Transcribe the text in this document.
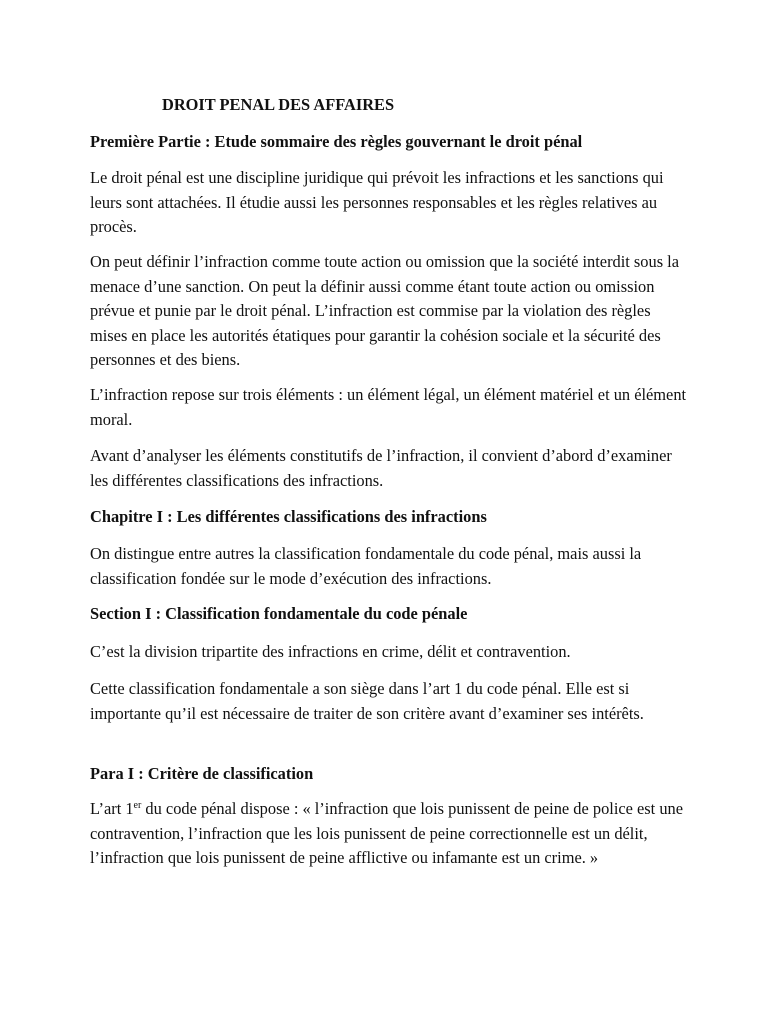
DROIT PENAL DES AFFAIRES

Première Partie : Etude sommaire des règles gouvernant le droit pénal

Le droit pénal est une discipline juridique qui prévoit les infractions et les sanctions qui leurs sont attachées. Il étudie aussi les personnes responsables et les règles relatives au procès.

On peut définir l’infraction comme toute action ou omission que la société interdit sous la menace d’une sanction. On peut la définir aussi comme étant toute action ou omission prévue et punie par le droit pénal. L’infraction est commise par la violation des règles mises en place les autorités étatiques pour garantir la cohésion sociale et la sécurité des personnes et des biens.

L’infraction repose sur trois éléments : un élément légal, un élément matériel et un élément moral.

Avant d’analyser les éléments constitutifs de l’infraction, il convient d’abord d’examiner les différentes classifications des infractions.

Chapitre I : Les différentes classifications des infractions

On distingue entre autres la classification fondamentale du code pénal, mais aussi la classification fondée sur le mode d’exécution des infractions.

Section I : Classification fondamentale du code pénale

C’est la division tripartite des infractions en crime, délit et contravention.

Cette classification fondamentale a son siège dans l’art 1 du code pénal. Elle est si importante qu’il est nécessaire de traiter de son critère avant d’examiner ses intérêts.

Para I : Critère de classification

L’art 1er du code pénal dispose : « l’infraction que lois punissent de peine de police est une contravention, l’infraction que les lois punissent de peine correctionnelle est un délit, l’infraction que lois punissent de peine afflictive ou infamante est un crime. »
